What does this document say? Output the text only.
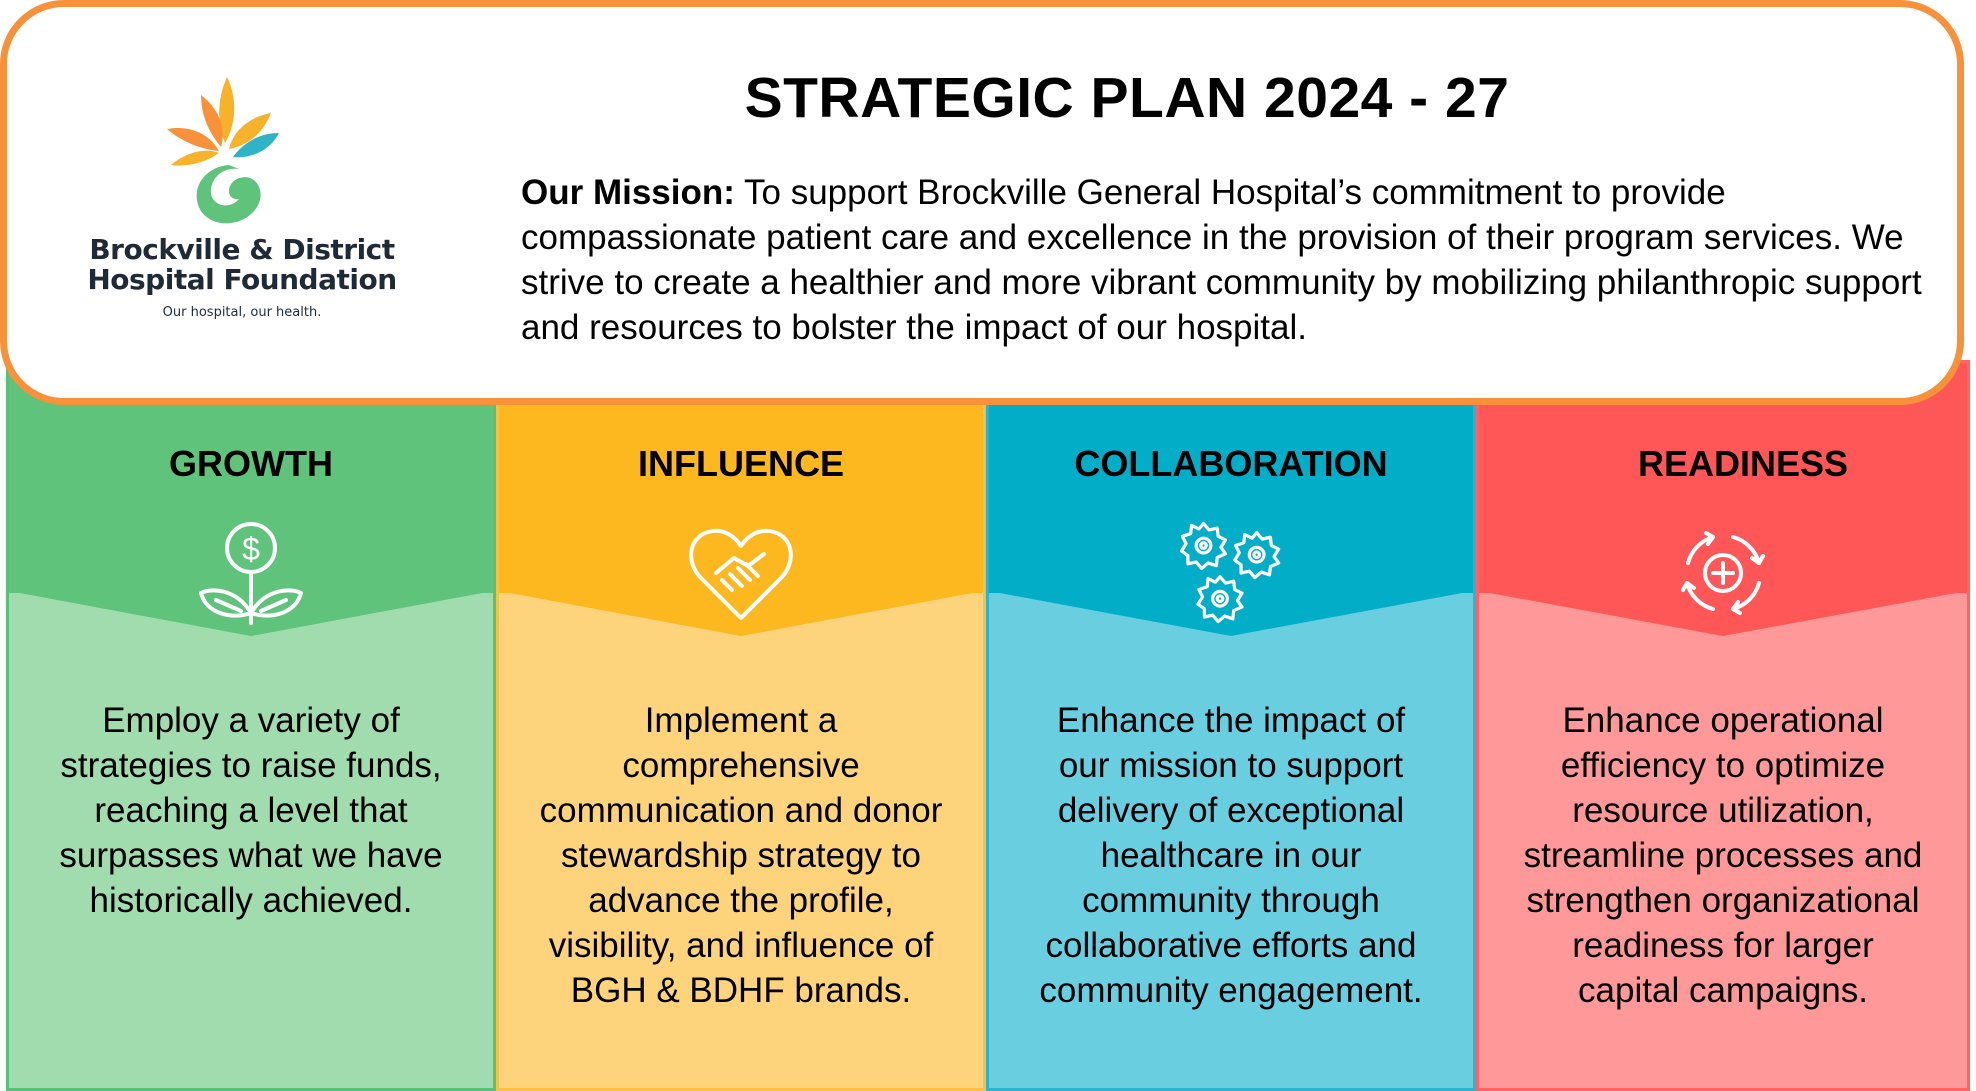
Brockville & District
Hospital Foundation
Our hospital, our health.
STRATEGIC PLAN 2024 - 27
Our Mission: To support Brockville General Hospital’s commitment to provide compassionate patient care and excellence in the provision of their program services. We strive to create a healthier and more vibrant community by mobilizing philanthropic support and resources to bolster the impact of our hospital.
GROWTH
$
Employ a variety of strategies to raise funds, reaching a level that surpasses what we have historically achieved.
INFLUENCE
Implement a comprehensive communication and donor stewardship strategy to advance the profile, visibility, and influence of BGH & BDHF brands.
COLLABORATION
Enhance the impact of our mission to support delivery of exceptional healthcare in our community through collaborative efforts and community engagement.
READINESS
Enhance operational efficiency to optimize resource utilization, streamline processes and strengthen organizational readiness for larger capital campaigns.
